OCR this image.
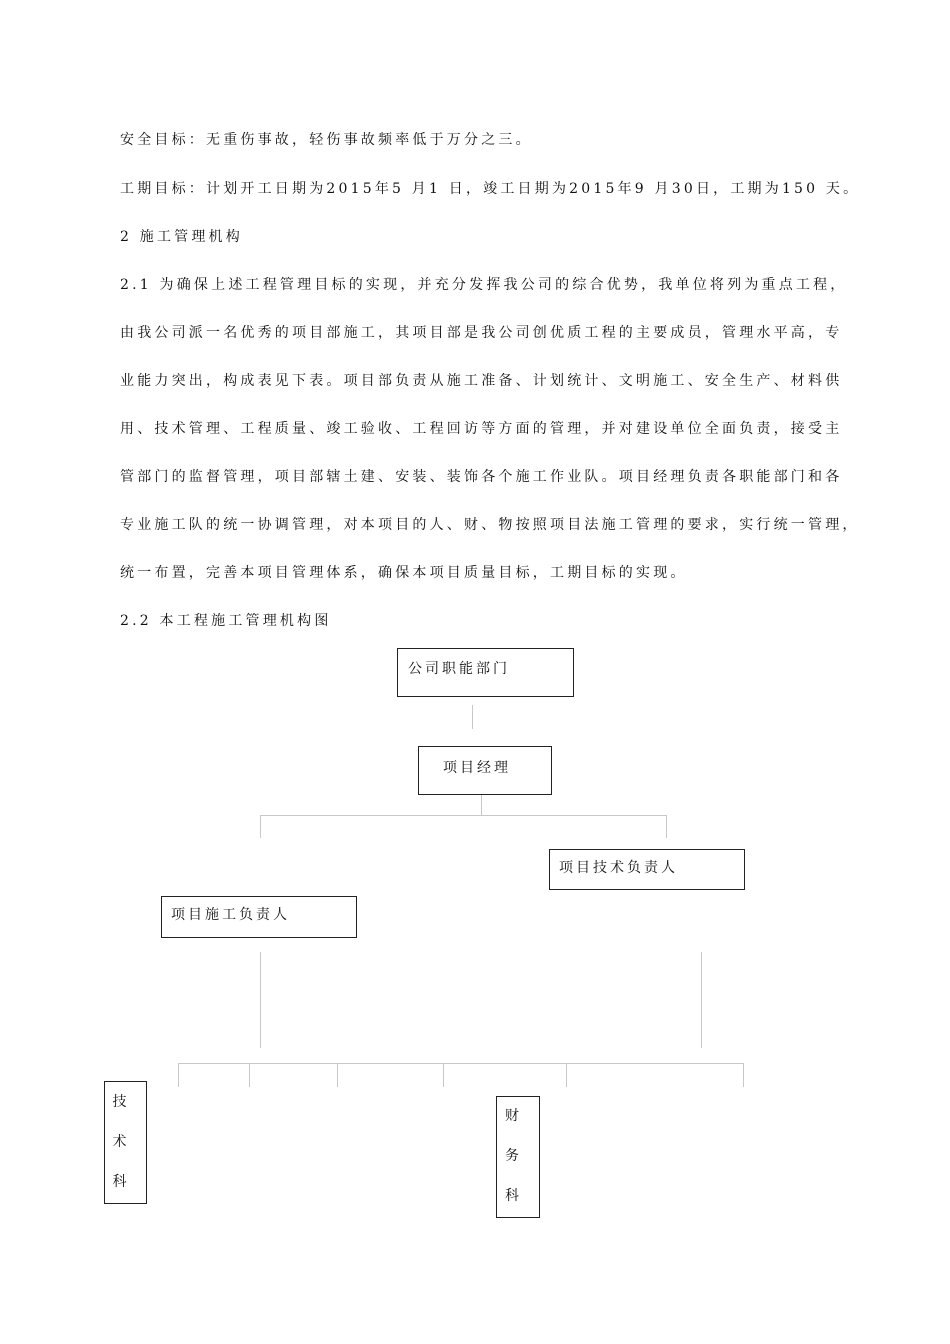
安全目标：无重伤事故，轻伤事故频率低于万分之三。
工期目标：计划开工日期为2015年5 月1 日，竣工日期为2015年9 月30日，工期为150 天。
2 施工管理机构
2.1 为确保上述工程管理目标的实现，并充分发挥我公司的综合优势，我单位将列为重点工程，
由我公司派一名优秀的项目部施工，其项目部是我公司创优质工程的主要成员，管理水平高，专
业能力突出，构成表见下表。项目部负责从施工准备、计划统计、文明施工、安全生产、材料供
用、技术管理、工程质量、竣工验收、工程回访等方面的管理，并对建设单位全面负责，接受主
管部门的监督管理，项目部辖土建、安装、装饰各个施工作业队。项目经理负责各职能部门和各
专业施工队的统一协调管理，对本项目的人、财、物按照项目法施工管理的要求，实行统一管理，
统一布置，完善本项目管理体系，确保本项目质量目标，工期目标的实现。
2.2 本工程施工管理机构图
公司职能部门
项目经理
项目技术负责人
项目施工负责人
技
术
科
财
务
科
